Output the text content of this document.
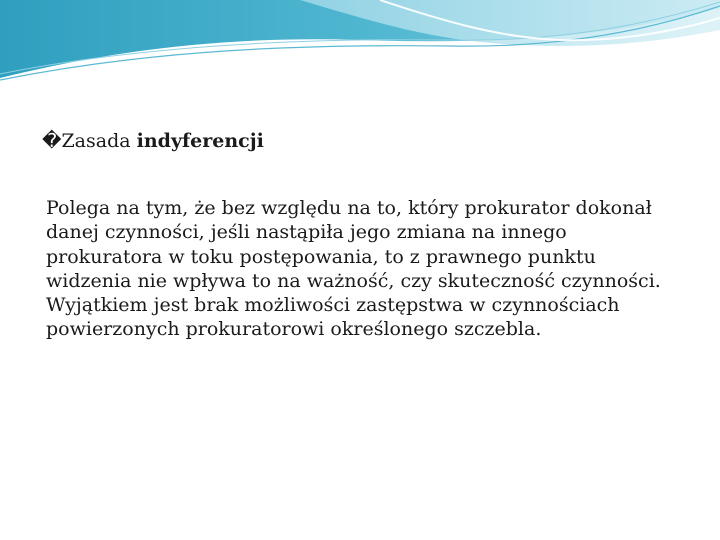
�Zasada indyferencji

Polega na tym, że bez względu na to, który prokurator dokonał danej czynności, jeśli nastąpiła jego zmiana na innego prokuratora w toku postępowania, to z prawnego punktu widzenia nie wpływa to na ważność, czy skuteczność czynności.

Wyjątkiem jest brak możliwości zastępstwa w czynnościach powierzonych prokuratorowi określonego szczebla.
